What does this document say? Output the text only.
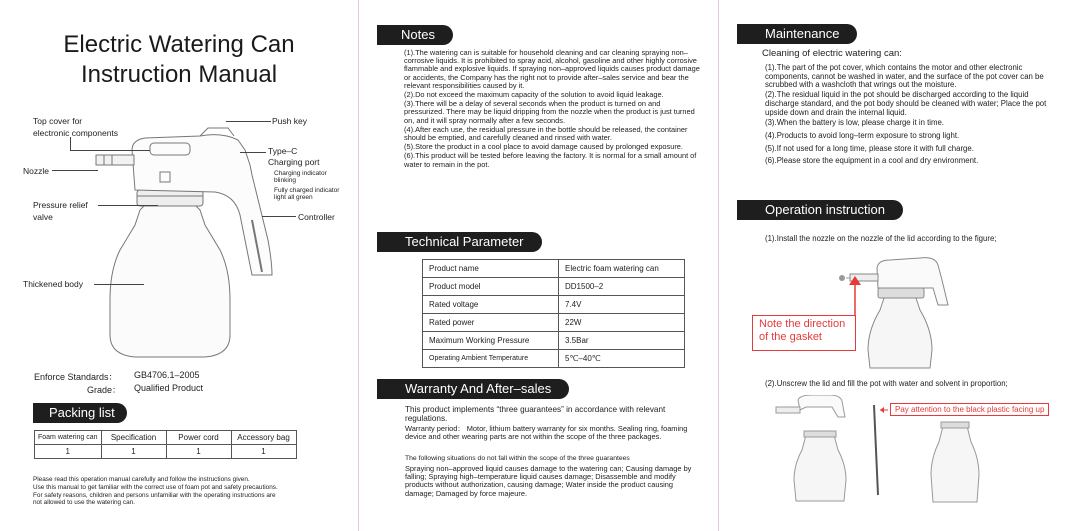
Electric Watering Can
Instruction Manual
Top cover for
electronic components
Push key
Type–C
Charging port
Charging indicator
blinking
Fully charged indicator
light all green
Nozzle
Pressure relief
valve	Controller
Thickened body
Enforce Standards： GB4706.1–2005
Grade： Qualified Product
Packing list
Foam watering can	Specification	Power cord	Accessory bag
1	1	1	1
Please read this operation manual carefully and follow the instructions given.
Use this manual to get familiar with the correct use of foam pot and safety precautions.
For safety reasons, children and persons unfamiliar with the operating instructions are
not allowed to use the watering can.
Notes
(1).The watering can is suitable for household cleaning and car cleaning spraying non–corrosive liquids. It is prohibited to spray acid, alcohol, gasoline and other highly corrosive flammable and explosive liquids. If spraying non–approved liquids causes product damage or accidents, the Company has the right not to provide after–sales service and bear the relevant responsibilities caused by it.
(2).Do not exceed the maximum capacity of the solution to avoid liquid leakage.
(3).There will be a delay of several seconds when the product is turned on and pressurized. There may be liquid dripping from the nozzle when the product is just turned on, and it will spray normally after a few seconds.
(4).After each use, the residual pressure in the bottle should be released, the container should be emptied, and carefully cleaned and rinsed with water.
(5).Store the product in a cool place to avoid damage caused by prolonged exposure.
(6).This product will be tested before leaving the factory. It is normal for a small amount of water to remain in the pot.
Technical Parameter
Product name	Electric foam watering can
Product model	DD1500–2
Rated voltage	7.4V
Rated power	22W
Maximum Working Pressure	3.5Bar
Operating Ambient Temperature	5℃–40℃
Warranty And After–sales
This product implements “three guarantees” in accordance with relevant regulations.
Warranty period： Motor, lithium battery warranty for six months. Sealing ring, foaming device and other wearing parts are not within the scope of the three packages.
The following situations do not fall within the scope of the three guarantees
Spraying non–approved liquid causes damage to the watering can; Causing damage by falling; Spraying high–temperature liquid causes damage; Disassemble and modify products without authorization, causing damage; Water inside the product causing damage; Damaged by force majeure.
Maintenance
Cleaning of electric watering can:
(1).The part of the pot cover, which contains the motor and other electronic components, cannot be washed in water, and the surface of the pot cover can be scrubbed with a washcloth that wrings out the moisture.
(2).The residual liquid in the pot should be discharged according to the liquid discharge standard, and the pot body should be cleaned with water; Place the pot upside down and drain the internal liquid.
(3).When the battery is low, please charge it in time.
(4).Products to avoid long–term exposure to strong light.
(5).If not used for a long time, please store it with full charge.
(6).Please store the equipment in a cool and dry environment.
Operation instruction
(1).Install the nozzle on the nozzle of the lid according to the figure;
Note the direction of the gasket
(2).Unscrew the lid and fill the pot with water and solvent in proportion;
Pay attention to the black plastic facing up
